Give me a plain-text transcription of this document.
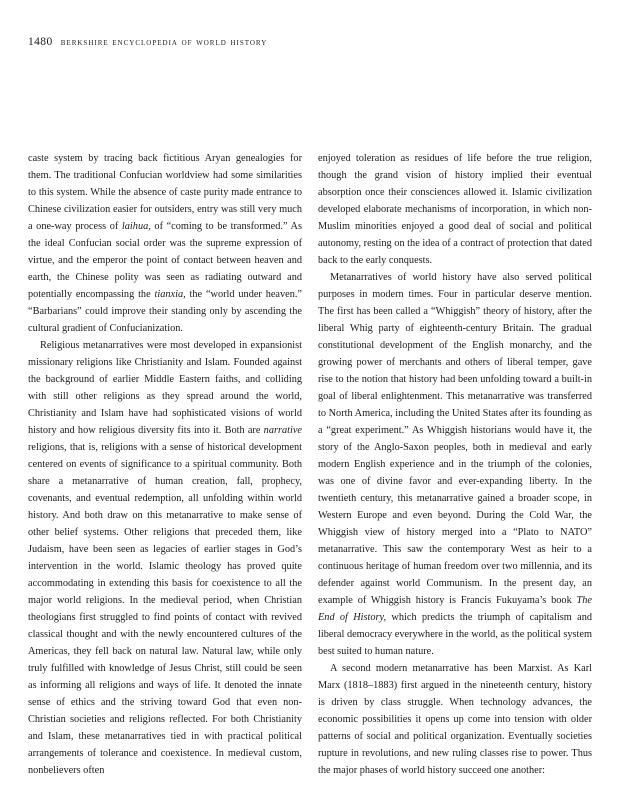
1480 berkshire encyclopedia of world history

caste system by tracing back fictitious Aryan genealogies for them. The traditional Confucian worldview had some similarities to this system. While the absence of caste purity made entrance to Chinese civilization easier for outsiders, entry was still very much a one-way process of laihua, of “coming to be transformed.” As the ideal Confucian social order was the supreme expression of virtue, and the emperor the point of contact between heaven and earth, the Chinese polity was seen as radiating outward and potentially encompassing the tianxia, the “world under heaven.” “Barbarians” could improve their standing only by ascending the cultural gradient of Confucianization.

Religious metanarratives were most developed in expansionist missionary religions like Christianity and Islam. Founded against the background of earlier Middle Eastern faiths, and colliding with still other religions as they spread around the world, Christianity and Islam have had sophisticated visions of world history and how religious diversity fits into it. Both are narrative religions, that is, religions with a sense of historical development centered on events of significance to a spiritual community. Both share a metanarrative of human creation, fall, prophecy, covenants, and eventual redemption, all unfolding within world history. And both draw on this metanarrative to make sense of other belief systems. Other religions that preceded them, like Judaism, have been seen as legacies of earlier stages in God’s intervention in the world. Islamic theology has proved quite accommodating in extending this basis for coexistence to all the major world religions. In the medieval period, when Christian theologians first struggled to find points of contact with revived classical thought and with the newly encountered cultures of the Americas, they fell back on natural law. Natural law, while only truly fulfilled with knowledge of Jesus Christ, still could be seen as informing all religions and ways of life. It denoted the innate sense of ethics and the striving toward God that even non-Christian societies and religions reflected. For both Christianity and Islam, these metanarratives tied in with practical political arrangements of tolerance and coexistence. In medieval custom, nonbelievers often

enjoyed toleration as residues of life before the true religion, though the grand vision of history implied their eventual absorption once their consciences allowed it. Islamic civilization developed elaborate mechanisms of incorporation, in which non-Muslim minorities enjoyed a good deal of social and political autonomy, resting on the idea of a contract of protection that dated back to the early conquests.

Metanarratives of world history have also served political purposes in modern times. Four in particular deserve mention. The first has been called a “Whiggish” theory of history, after the liberal Whig party of eighteenth-century Britain. The gradual constitutional development of the English monarchy, and the growing power of merchants and others of liberal temper, gave rise to the notion that history had been unfolding toward a built-in goal of liberal enlightenment. This metanarrative was transferred to North America, including the United States after its founding as a “great experiment.” As Whiggish historians would have it, the story of the Anglo-Saxon peoples, both in medieval and early modern English experience and in the triumph of the colonies, was one of divine favor and ever-expanding liberty. In the twentieth century, this metanarrative gained a broader scope, in Western Europe and even beyond. During the Cold War, the Whiggish view of history merged into a “Plato to NATO” metanarrative. This saw the contemporary West as heir to a continuous heritage of human freedom over two millennia, and its defender against world Communism. In the present day, an example of Whiggish history is Francis Fukuyama’s book The End of History, which predicts the triumph of capitalism and liberal democracy everywhere in the world, as the political system best suited to human nature.

A second modern metanarrative has been Marxist. As Karl Marx (1818–1883) first argued in the nineteenth century, history is driven by class struggle. When technology advances, the economic possibilities it opens up come into tension with older patterns of social and political organization. Eventually societies rupture in revolutions, and new ruling classes rise to power. Thus the major phases of world history succeed one another:
